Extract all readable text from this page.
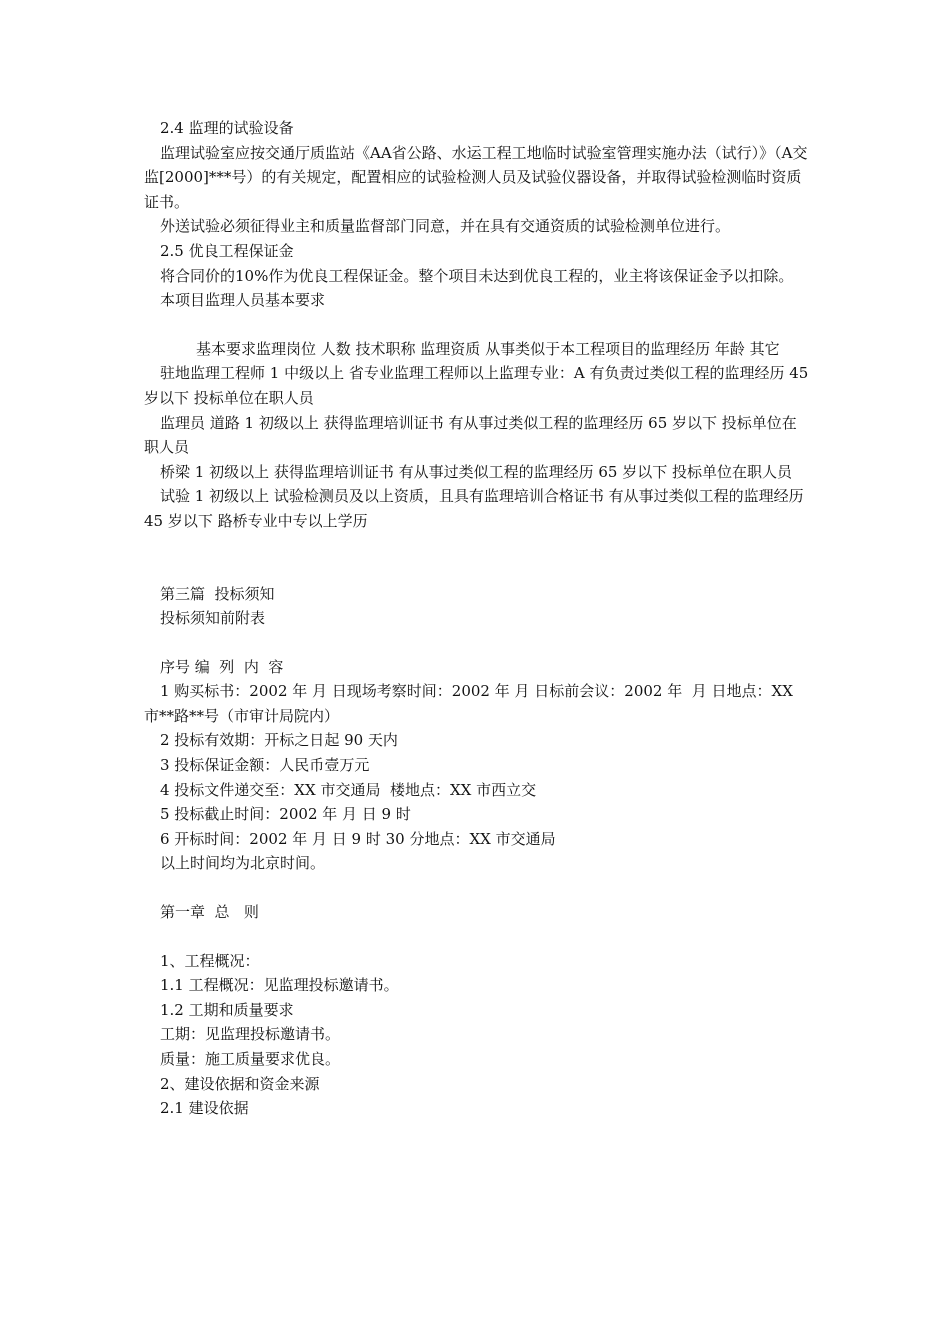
2.4 监理的试验设备

监理试验室应按交通厅质监站《AA省公路、水运工程工地临时试验室管理实施办法（试行）》（A交监[2000]***号）的有关规定，配置相应的试验检测人员及试验仪器设备，并取得试验检测临时资质证书。

外送试验必须征得业主和质量监督部门同意，并在具有交通资质的试验检测单位进行。

2.5 优良工程保证金

将合同价的10%作为优良工程保证金。整个项目未达到优良工程的，业主将该保证金予以扣除。

本项目监理人员基本要求

基本要求监理岗位 人数 技术职称 监理资质 从事类似于本工程项目的监理经历 年龄 其它

驻地监理工程师 1 中级以上 省专业监理工程师以上监理专业：A 有负责过类似工程的监理经历 45 岁以下 投标单位在职人员

监理员 道路 1 初级以上 获得监理培训证书 有从事过类似工程的监理经历 65 岁以下 投标单位在职人员

桥梁 1 初级以上 获得监理培训证书 有从事过类似工程的监理经历 65 岁以下 投标单位在职人员

试验 1 初级以上 试验检测员及以上资质，且具有监理培训合格证书 有从事过类似工程的监理经历 45 岁以下 路桥专业中专以上学历

第三篇  投标须知

投标须知前附表

序号 编  列  内  容

1 购买标书：2002 年 月 日现场考察时间：2002 年 月 日标前会议：2002 年  月 日地点：XX 市**路**号（市审计局院内）

2 投标有效期：开标之日起 90 天内

3 投标保证金额：人民币壹万元

4 投标文件递交至：XX 市交通局  楼地点：XX 市西立交

5 投标截止时间：2002 年 月 日 9 时

6 开标时间：2002 年 月 日 9 时 30 分地点：XX 市交通局

以上时间均为北京时间。

第一章  总   则

1、工程概况：

1.1 工程概况：见监理投标邀请书。

1.2 工期和质量要求

工期：见监理投标邀请书。

质量：施工质量要求优良。

2、建设依据和资金来源

2.1 建设依据
